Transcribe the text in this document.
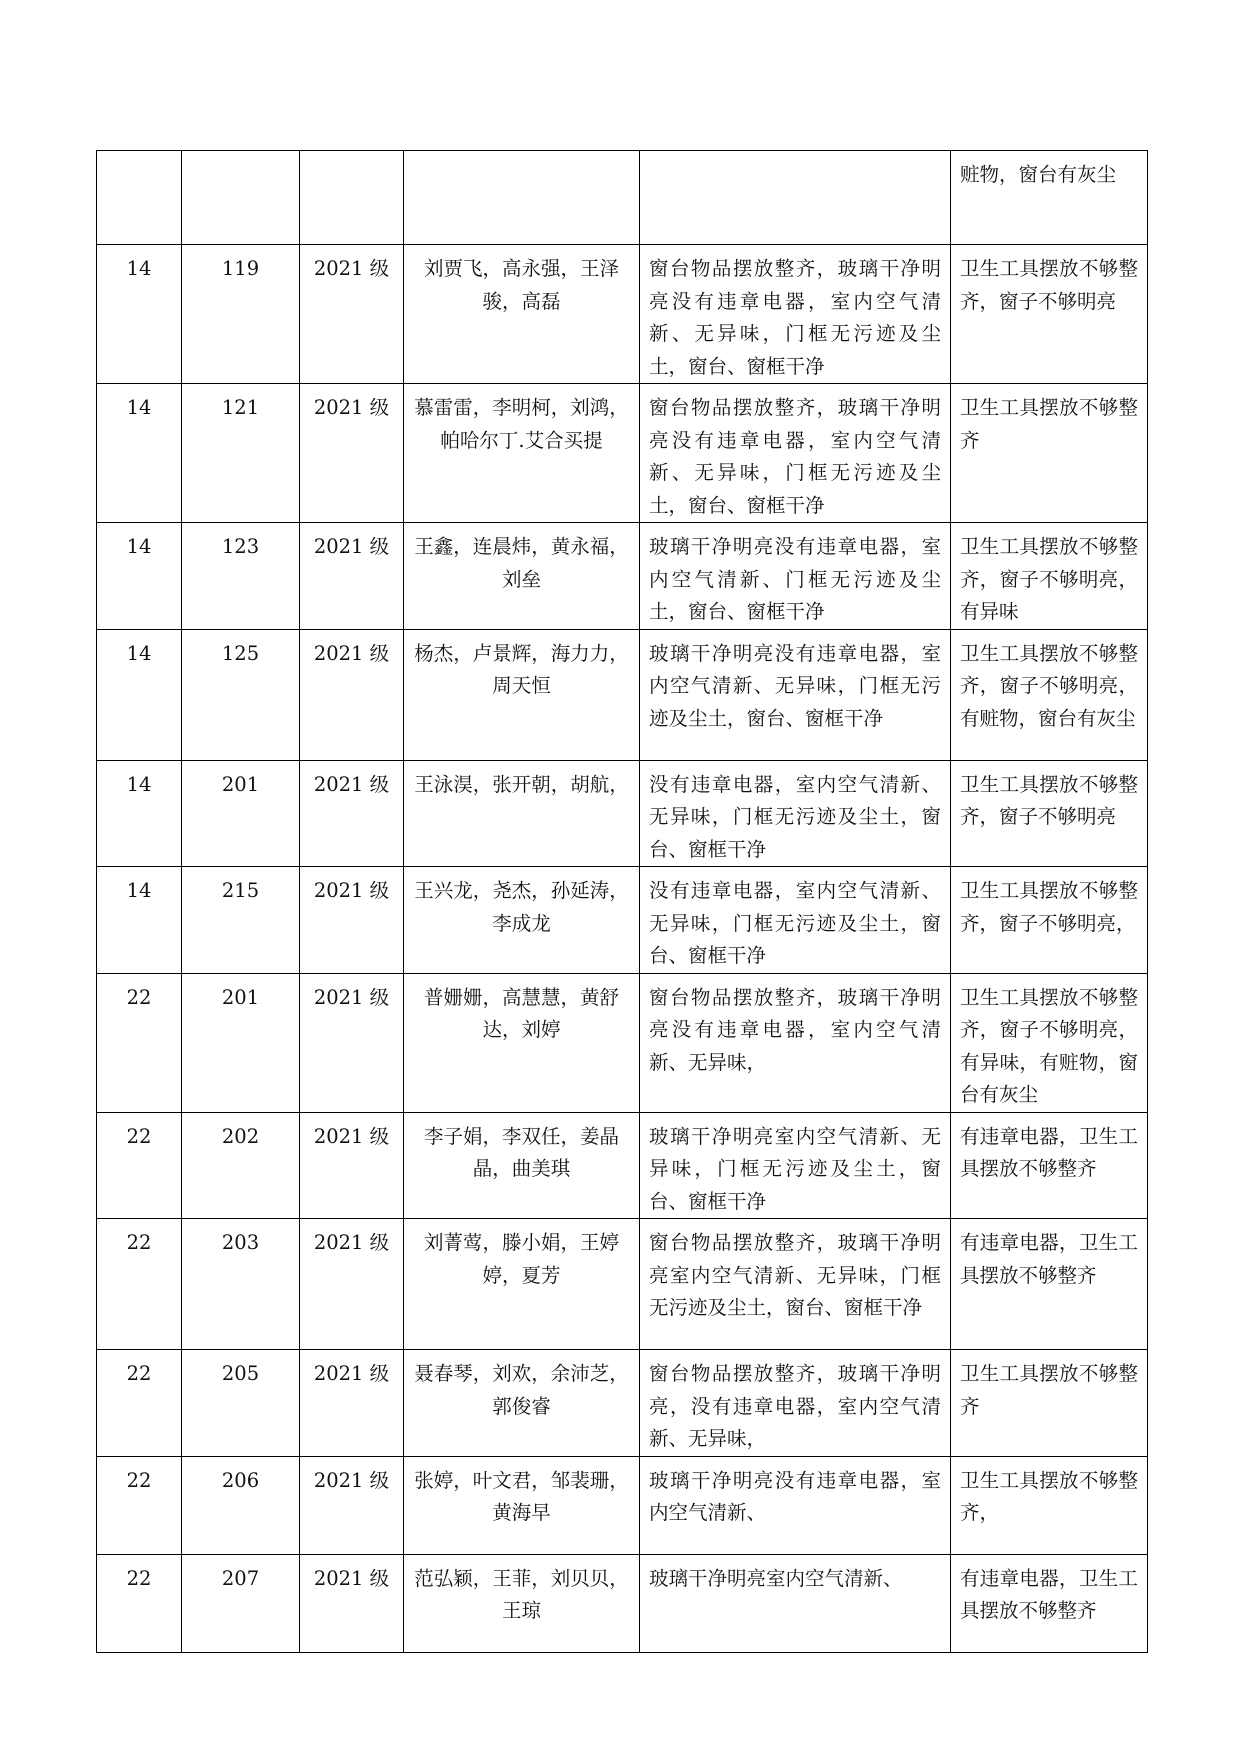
					赃物，窗台有灰尘
14	119	2021 级	刘贾飞，高永强，王泽骏，高磊	窗台物品摆放整齐，玻璃干净明亮没有违章电器，室内空气清新、无异味，门框无污迹及尘土，窗台、窗框干净	卫生工具摆放不够整齐，窗子不够明亮
14	121	2021 级	慕雷雷，李明柯，刘鸿，帕哈尔丁.艾合买提	窗台物品摆放整齐，玻璃干净明亮没有违章电器，室内空气清新、无异味，门框无污迹及尘土，窗台、窗框干净	卫生工具摆放不够整齐
14	123	2021 级	王鑫，连晨炜，黄永福，刘垒	玻璃干净明亮没有违章电器，室内空气清新、门框无污迹及尘土，窗台、窗框干净	卫生工具摆放不够整齐，窗子不够明亮，有异味
14	125	2021 级	杨杰，卢景辉，海力力，周天恒	玻璃干净明亮没有违章电器，室内空气清新、无异味，门框无污迹及尘土，窗台、窗框干净	卫生工具摆放不够整齐，窗子不够明亮，有赃物，窗台有灰尘
14	201	2021 级	王泳淏，张开朝，胡航，	没有违章电器，室内空气清新、无异味，门框无污迹及尘土，窗台、窗框干净	卫生工具摆放不够整齐，窗子不够明亮
14	215	2021 级	王兴龙，尧杰，孙延涛，李成龙	没有违章电器，室内空气清新、无异味，门框无污迹及尘土，窗台、窗框干净	卫生工具摆放不够整齐，窗子不够明亮，
22	201	2021 级	普姗姗，高慧慧，黄舒达，刘婷	窗台物品摆放整齐，玻璃干净明亮没有违章电器，室内空气清新、无异味，	卫生工具摆放不够整齐，窗子不够明亮，有异味，有赃物，窗台有灰尘
22	202	2021 级	李子娟，李双任，姜晶晶，曲美琪	玻璃干净明亮室内空气清新、无异味，门框无污迹及尘土，窗台、窗框干净	有违章电器，卫生工具摆放不够整齐
22	203	2021 级	刘菁莺，滕小娟，王婷婷，夏芳	窗台物品摆放整齐，玻璃干净明亮室内空气清新、无异味，门框无污迹及尘土，窗台、窗框干净	有违章电器，卫生工具摆放不够整齐
22	205	2021 级	聂春琴，刘欢，余沛芝，郭俊睿	窗台物品摆放整齐，玻璃干净明亮，没有违章电器，室内空气清新、无异味，	卫生工具摆放不够整齐
22	206	2021 级	张婷，叶文君，邹裴珊，黄海早	玻璃干净明亮没有违章电器，室内空气清新、	卫生工具摆放不够整齐，
22	207	2021 级	范弘颖，王菲，刘贝贝，王琼	玻璃干净明亮室内空气清新、	有违章电器，卫生工具摆放不够整齐
